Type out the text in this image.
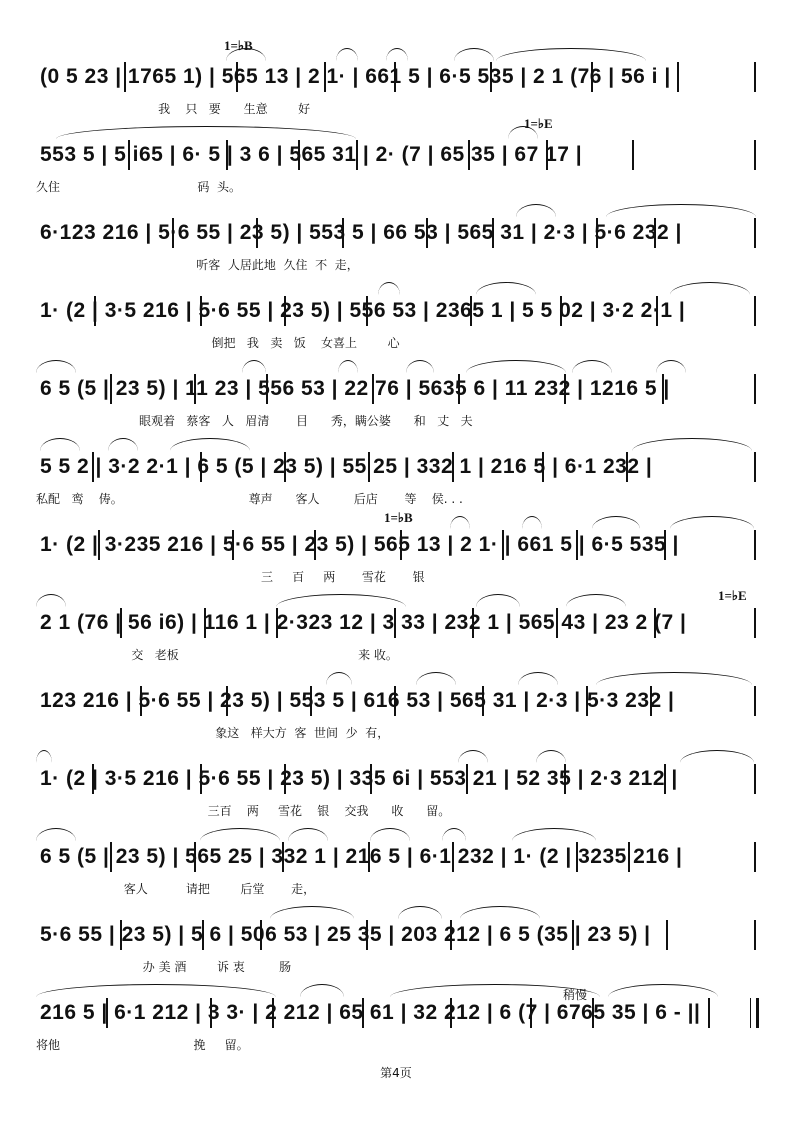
1=♭B
1=♭E
1=♭B
1=♭E
稍慢
(0 5 23 | 1765 1) | 565 13 | 2 1· | 661 5 | 6·5 535 | 2 1 (76 | 56 i |
我    只   要      生意        好
553 5 | 5 i65 | 6· 5 | 3 6 | 565 31 | 2· (7 | 65 35 | 67 17 |
久住                                    码  头。
6·123 216 | 5·6 55 | 23 5) | 553 5 | 66 53 | 565 31 | 2·3 | 5·6 232 |
听客  人居此地  久住  不  走，
1· (2 | 3·5 216 | 5·6 55 | 23 5) | 556 53 | 2365 1 | 5 5 02 | 3·2 2·1 |
倒把   我   卖   饭    女喜上        心
6 5 (5 | 23 5) | 11 23 | 556 53 | 22 76 | 5635 6 | 11 232 | 1216 5 |
眼观着   蔡客   人   眉清       目      秀，瞒公婆      和   丈   夫
5 5 2 | 3·2 2·1 | 6 5 (5 | 23 5) | 55 25 | 332 1 | 216 5 | 6·1 232 |
私配   鸾    俦。                                 尊声      客人         后店       等    侯. . .
1· (2 | 3·235 216 | 5·6 55 | 23 5) | 565 13 | 2 1· | 661 5 | 6·5 535 |
三     百     两       雪花       银
2 1 (76 | 56 i6) | 116 1 | 2·323 12 | 3 33 | 232 1 | 565 43 | 23 2 (7 |
交   老板                                               来 收。
123 216 | 5·6 55 | 23 5) | 553 5 | 616 53 | 565 31 | 2·3 | 5·3 232 |
象这   样大方  客  世间  少  有，
1· (2 | 3·5 216 | 5·6 55 | 23 5) | 335 6i | 553 21 | 52 35 | 2·3 212 |
三百    两     雪花    银    交我      收      留。
6 5 (5 | 23 5) | 565 25 | 332 1 | 216 5 | 6·1 232 | 1· (2 | 3235 216 |
客人          请把        后堂       走，
5·6 55 | 23 5) | 5 6 | 506 53 | 25 35 | 203 212 | 6 5 (35 | 23 5) |
办 美 酒        诉 衷         肠
216 5 | 6·1 212 | 3 3· | 2 212 | 65 61 | 32 212 | 6 (7 | 6765 35 | 6 - ||
将他                                   挽     留。
第4页
